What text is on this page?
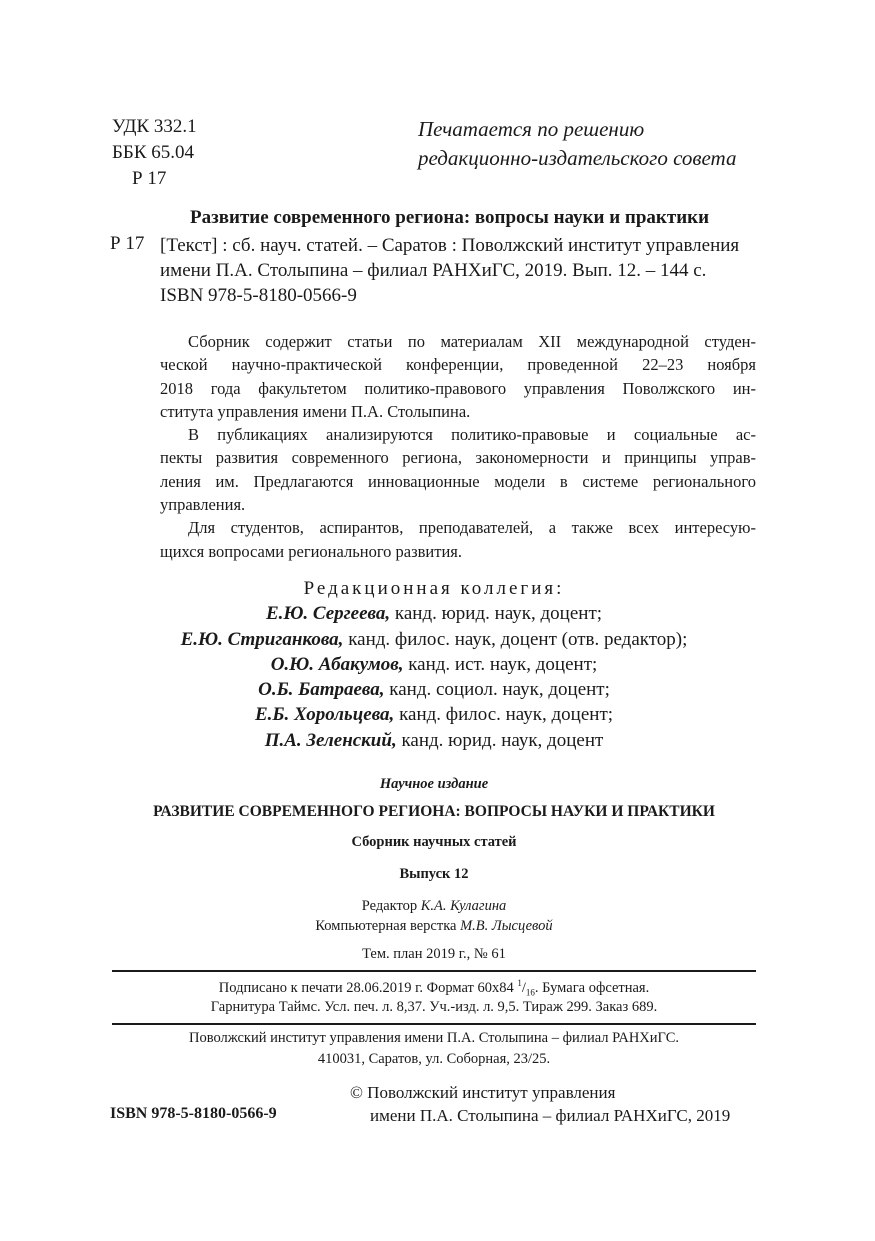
УДК 332.1
ББК 65.04
Р 17
Печатается по решению
редакционно-издательского совета
Развитие современного региона: вопросы науки и практики
Р 17 [Текст] : сб. науч. статей. – Саратов : Поволжский институт управления
имени П.А. Столыпина – филиал РАНХиГС, 2019. Вып. 12. – 144 с.
ISBN 978-5-8180-0566-9

Сборник содержит статьи по материалам XII международной студен-
ческой научно-практической конференции, проведенной 22–23 ноября
2018 года факультетом политико-правового управления Поволжского ин-
ститута управления имени П.А. Столыпина.

В публикациях анализируются политико-правовые и социальные ас-
пекты развития современного региона, закономерности и принципы управ-
ления им. Предлагаются инновационные модели в системе регионального
управления.

Для студентов, аспирантов, преподавателей, а также всех интересую-
щихся вопросами регионального развития.

Редакционная коллегия:
Е.Ю. Сергеева, канд. юрид. наук, доцент;
Е.Ю. Стриганкова, канд. филос. наук, доцент (отв. редактор);
О.Ю. Абакумов, канд. ист. наук, доцент;
О.Б. Батраева, канд. социол. наук, доцент;
Е.Б. Хорольцева, канд. филос. наук, доцент;
П.А. Зеленский, канд. юрид. наук, доцент
Научное издание
РАЗВИТИЕ СОВРЕМЕННОГО РЕГИОНА: ВОПРОСЫ НАУКИ И ПРАКТИКИ
Сборник научных статей
Выпуск 12
Редактор К.А. Кулагина
Компьютерная верстка М.В. Лысцевой
Тем. план 2019 г., № 61
Подписано к печати 28.06.2019 г. Формат 60х84 $^1/_{16}$. Бумага офсетная.
Гарнитура Таймс. Усл. печ. л. 8,37. Уч.-изд. л. 9,5. Тираж 299. Заказ 689.
Поволжский институт управления имени П.А. Столыпина – филиал РАНХиГС.
410031, Саратов, ул. Соборная, 23/25.
ISBN 978-5-8180-0566-9
© Поволжский институт управления
имени П.А. Столыпина – филиал РАНХиГС, 2019
